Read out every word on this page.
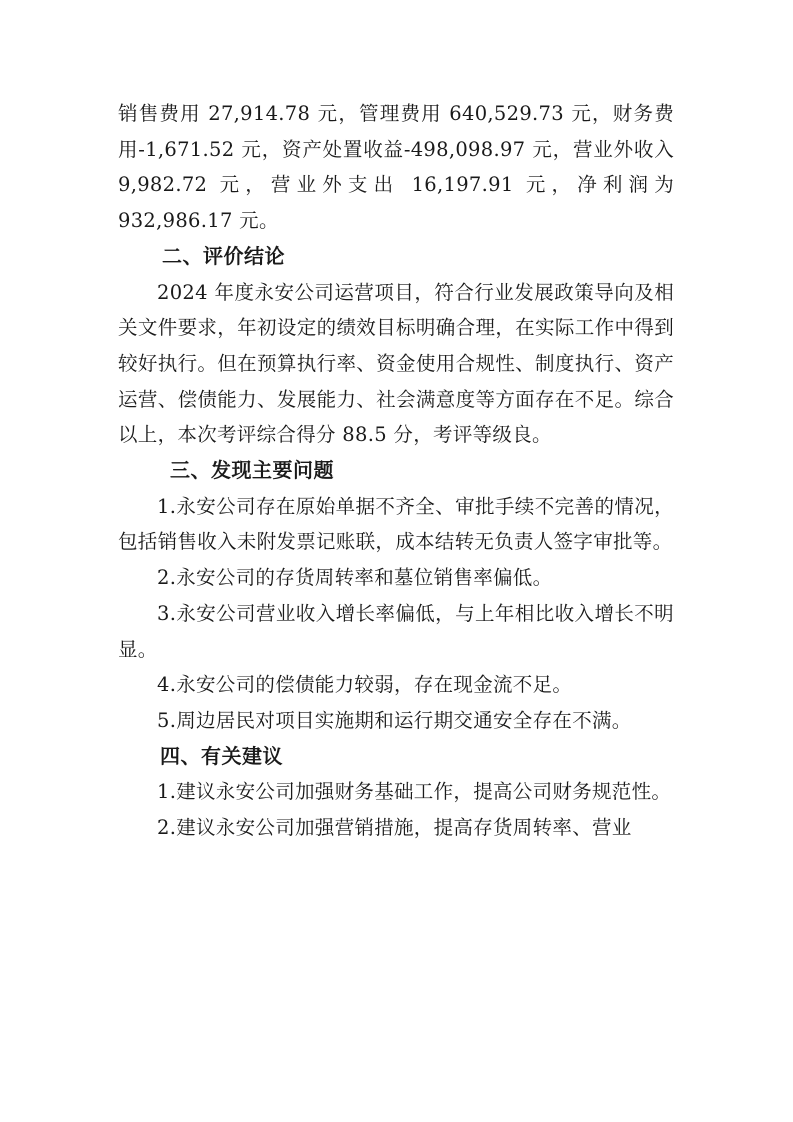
销售费用 27,914.78 元，管理费用 640,529.73 元，财务费用-1,671.52 元，资产处置收益-498,098.97 元，营业外收入 9,982.72 元，营业外支出 16,197.91 元，净利润为 932,986.17 元。

二、评价结论

2024 年度永安公司运营项目，符合行业发展政策导向及相关文件要求，年初设定的绩效目标明确合理，在实际工作中得到较好执行。但在预算执行率、资金使用合规性、制度执行、资产运营、偿债能力、发展能力、社会满意度等方面存在不足。综合以上，本次考评综合得分 88.5 分，考评等级良。

三、发现主要问题

1.永安公司存在原始单据不齐全、审批手续不完善的情况，包括销售收入未附发票记账联，成本结转无负责人签字审批等。

2.永安公司的存货周转率和墓位销售率偏低。

3.永安公司营业收入增长率偏低，与上年相比收入增长不明显。

4.永安公司的偿债能力较弱，存在现金流不足。

5.周边居民对项目实施期和运行期交通安全存在不满。

四、有关建议

1.建议永安公司加强财务基础工作，提高公司财务规范性。

2.建议永安公司加强营销措施，提高存货周转率、营业
